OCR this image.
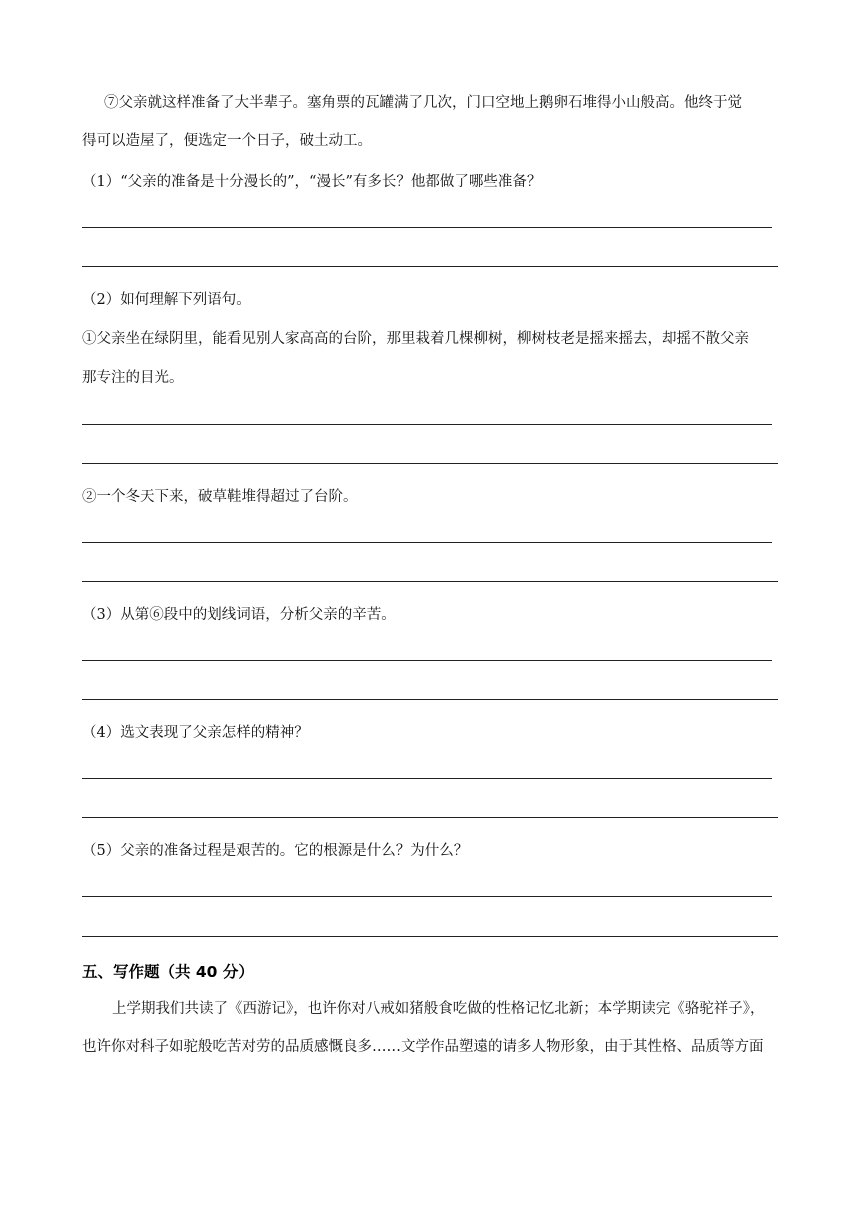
⑦父亲就这样准备了大半辈子。塞角票的瓦罐满了几次，门口空地上鹅卵石堆得小山般高。他终于觉
得可以造屋了，便选定一个日子，破土动工。
（1）“父亲的准备是十分漫长的”，“漫长”有多长？他都做了哪些准备？
（2）如何理解下列语句。
①父亲坐在绿阴里，能看见别人家高高的台阶，那里栽着几棵柳树，柳树枝老是摇来摇去，却摇不散父亲
那专注的目光。
②一个冬天下来，破草鞋堆得超过了台阶。
（3）从第⑥段中的划线词语，分析父亲的辛苦。
（4）选文表现了父亲怎样的精神？
（5）父亲的准备过程是艰苦的。它的根源是什么？为什么？
五、写作题（共 40 分）
上学期我们共读了《西游记》，也许你对八戒如猪般食吃做的性格记忆北新；本学期读完《骆驼祥子》，
也许你对科子如驼般吃苦对劳的品质感慨良多……文学作品塑遠的请多人物形象，由于其性格、品质等方面
